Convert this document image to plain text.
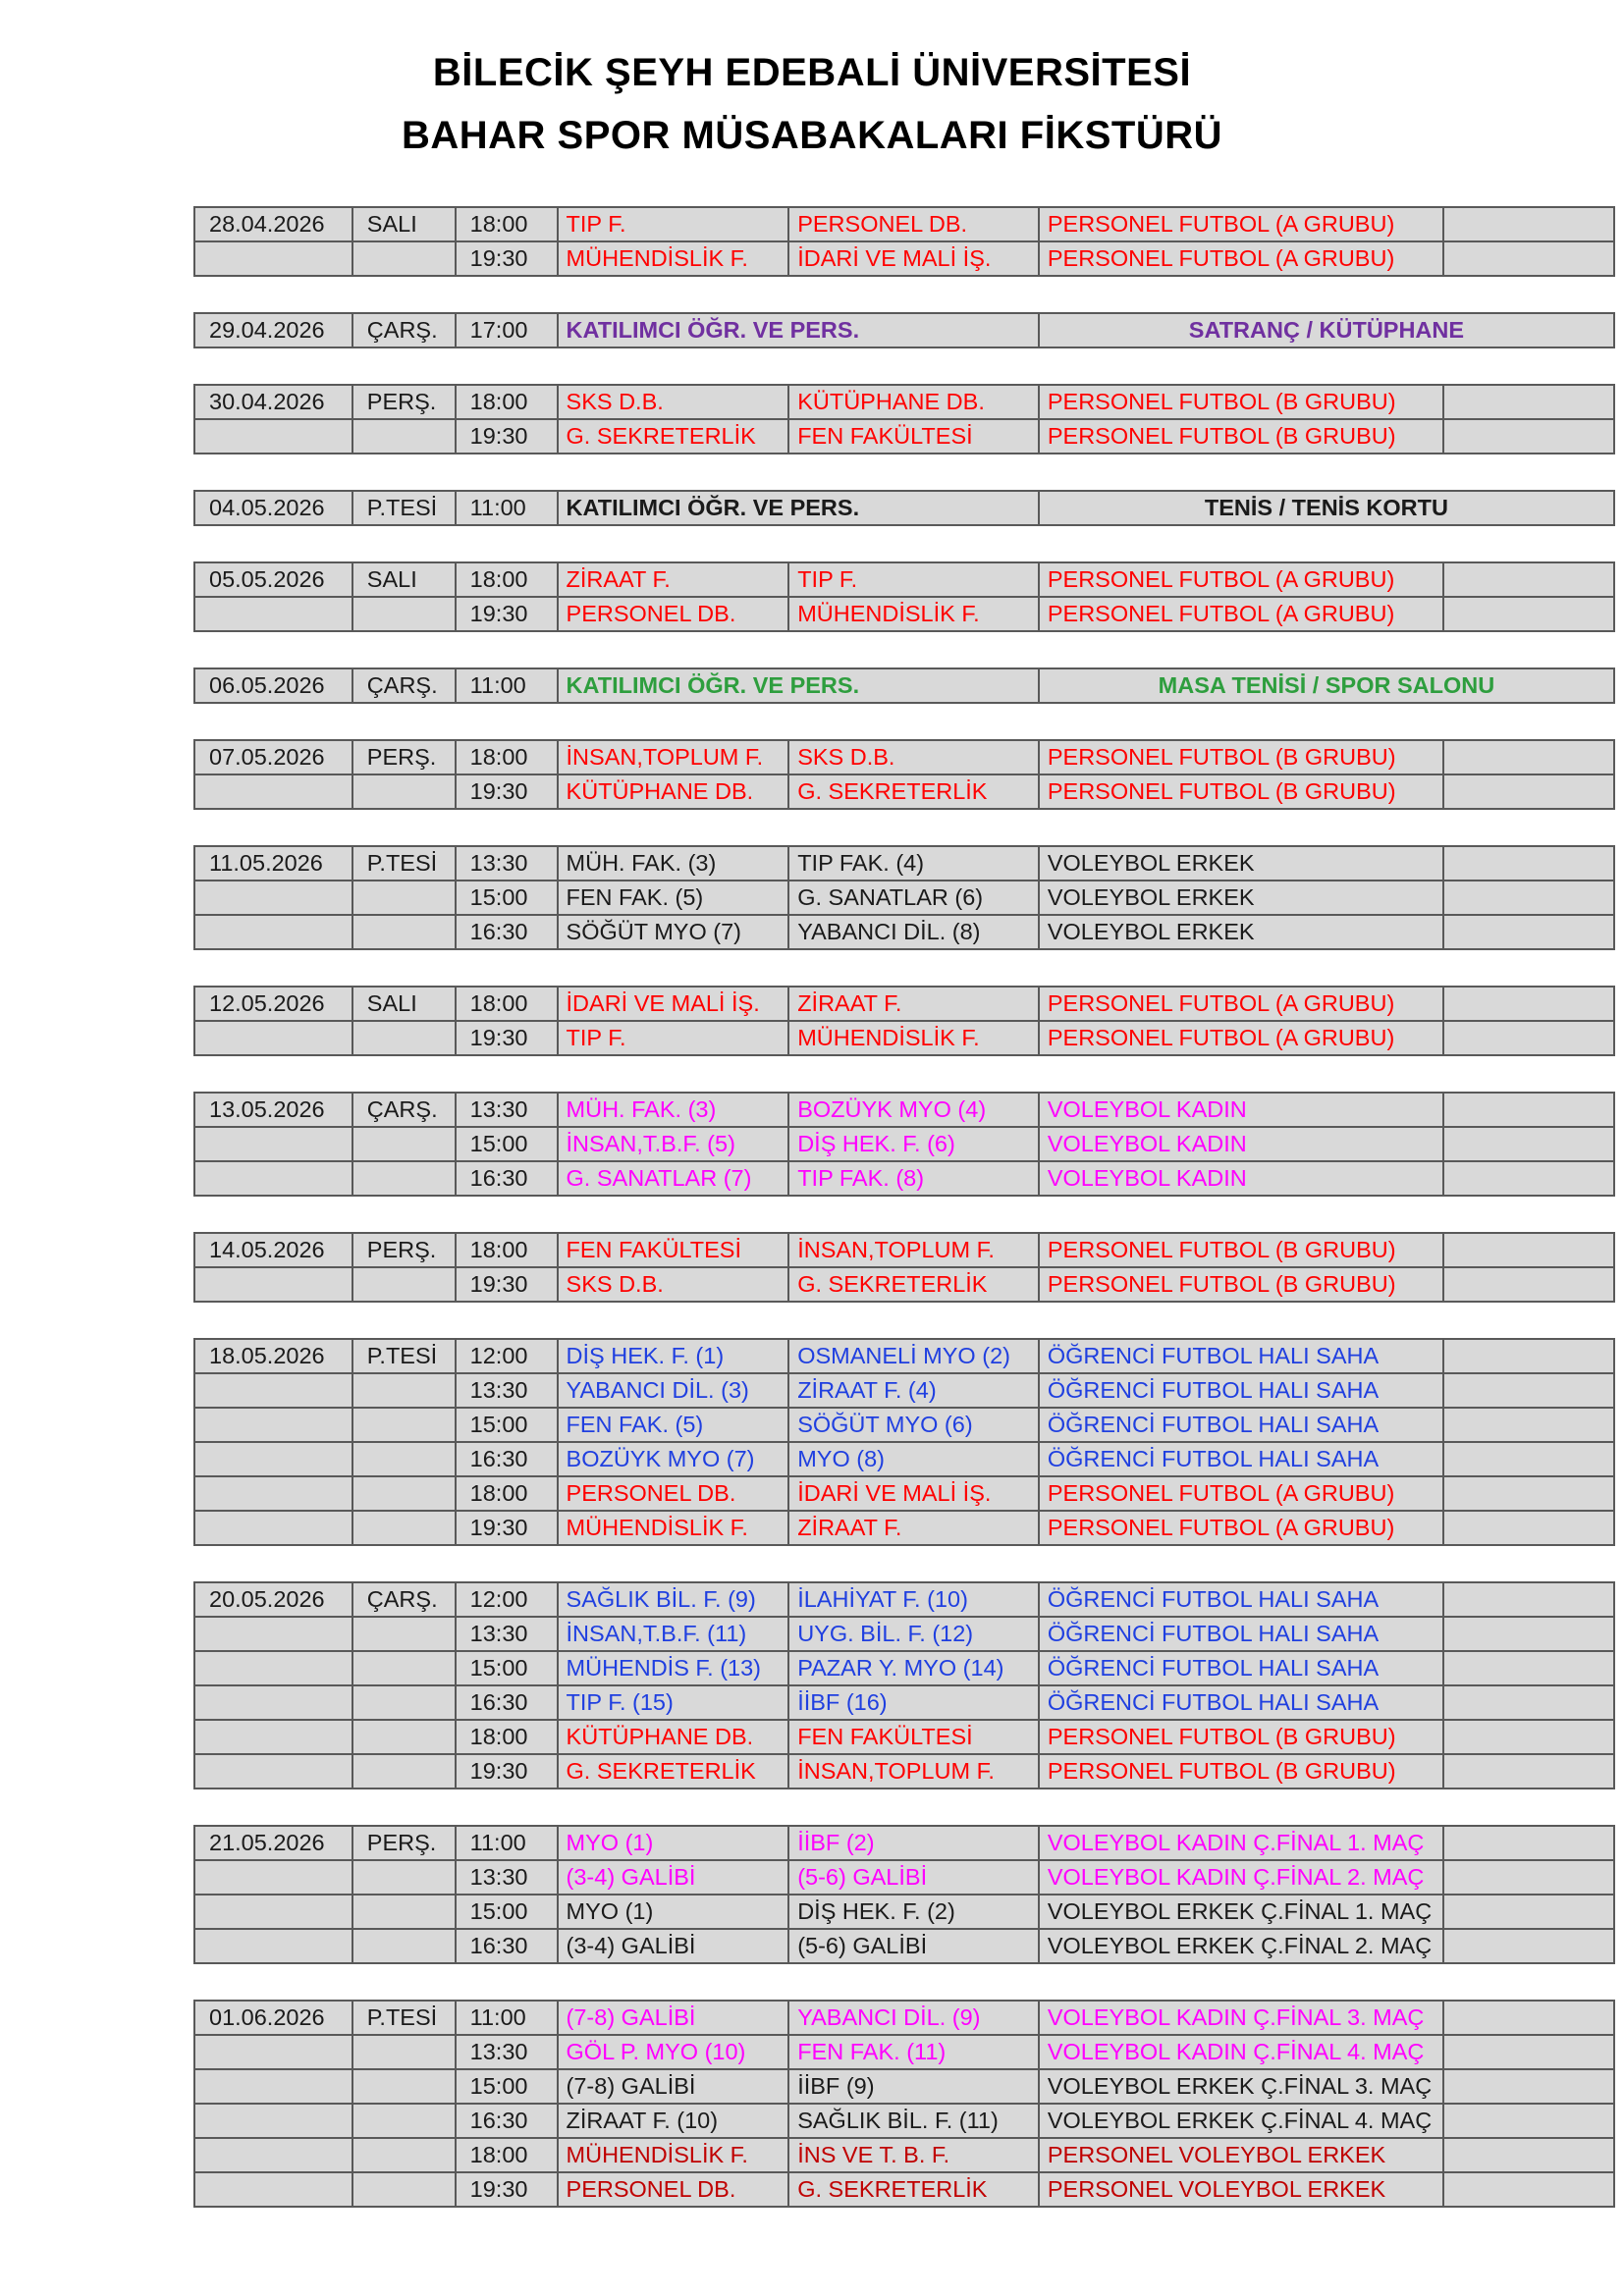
BİLECİK ŞEYH EDEBALİ ÜNİVERSİTESİ
BAHAR SPOR MÜSABAKALARI FİKSTÜRÜ
28.04.2026	SALI	18:00	TIP F.	PERSONEL DB.	PERSONEL FUTBOL (A GRUBU)
19:30	MÜHENDİSLİK F.	İDARİ VE MALİ İŞ.	PERSONEL FUTBOL (A GRUBU)
29.04.2026	ÇARŞ.	17:00	KATILIMCI ÖĞR. VE PERS.	SATRANÇ / KÜTÜPHANE
30.04.2026	PERŞ.	18:00	SKS D.B.	KÜTÜPHANE DB.	PERSONEL FUTBOL (B GRUBU)
19:30	G. SEKRETERLİK	FEN FAKÜLTESİ	PERSONEL FUTBOL (B GRUBU)
04.05.2026	P.TESİ	11:00	KATILIMCI ÖĞR. VE PERS.	TENİS / TENİS KORTU
05.05.2026	SALI	18:00	ZİRAAT F.	TIP F.	PERSONEL FUTBOL (A GRUBU)
19:30	PERSONEL DB.	MÜHENDİSLİK F.	PERSONEL FUTBOL (A GRUBU)
06.05.2026	ÇARŞ.	11:00	KATILIMCI ÖĞR. VE PERS.	MASA TENİSİ / SPOR SALONU
07.05.2026	PERŞ.	18:00	İNSAN,TOPLUM F.	SKS D.B.	PERSONEL FUTBOL (B GRUBU)
19:30	KÜTÜPHANE DB.	G. SEKRETERLİK	PERSONEL FUTBOL (B GRUBU)
11.05.2026	P.TESİ	13:30	MÜH. FAK. (3)	TIP FAK. (4)	VOLEYBOL ERKEK
15:00	FEN FAK. (5)	G. SANATLAR (6)	VOLEYBOL ERKEK
16:30	SÖĞÜT MYO (7)	YABANCI DİL. (8)	VOLEYBOL ERKEK
12.05.2026	SALI	18:00	İDARİ VE MALİ İŞ.	ZİRAAT F.	PERSONEL FUTBOL (A GRUBU)
19:30	TIP F.	MÜHENDİSLİK F.	PERSONEL FUTBOL (A GRUBU)
13.05.2026	ÇARŞ.	13:30	MÜH. FAK. (3)	BOZÜYK MYO (4)	VOLEYBOL KADIN
15:00	İNSAN,T.B.F. (5)	DİŞ HEK. F. (6)	VOLEYBOL KADIN
16:30	G. SANATLAR (7)	TIP FAK. (8)	VOLEYBOL KADIN
14.05.2026	PERŞ.	18:00	FEN FAKÜLTESİ	İNSAN,TOPLUM F.	PERSONEL FUTBOL (B GRUBU)
19:30	SKS D.B.	G. SEKRETERLİK	PERSONEL FUTBOL (B GRUBU)
18.05.2026	P.TESİ	12:00	DİŞ HEK. F. (1)	OSMANELİ MYO (2)	ÖĞRENCİ FUTBOL HALI SAHA
13:30	YABANCI DİL. (3)	ZİRAAT F. (4)	ÖĞRENCİ FUTBOL HALI SAHA
15:00	FEN FAK. (5)	SÖĞÜT MYO (6)	ÖĞRENCİ FUTBOL HALI SAHA
16:30	BOZÜYK MYO (7)	MYO (8)	ÖĞRENCİ FUTBOL HALI SAHA
18:00	PERSONEL DB.	İDARİ VE MALİ İŞ.	PERSONEL FUTBOL (A GRUBU)
19:30	MÜHENDİSLİK F.	ZİRAAT F.	PERSONEL FUTBOL (A GRUBU)
20.05.2026	ÇARŞ.	12:00	SAĞLIK BİL. F. (9)	İLAHİYAT F. (10)	ÖĞRENCİ FUTBOL HALI SAHA
13:30	İNSAN,T.B.F. (11)	UYG. BİL. F. (12)	ÖĞRENCİ FUTBOL HALI SAHA
15:00	MÜHENDİS F. (13)	PAZAR Y. MYO (14)	ÖĞRENCİ FUTBOL HALI SAHA
16:30	TIP F. (15)	İİBF (16)	ÖĞRENCİ FUTBOL HALI SAHA
18:00	KÜTÜPHANE DB.	FEN FAKÜLTESİ	PERSONEL FUTBOL (B GRUBU)
19:30	G. SEKRETERLİK	İNSAN,TOPLUM F.	PERSONEL FUTBOL (B GRUBU)
21.05.2026	PERŞ.	11:00	MYO (1)	İİBF (2)	VOLEYBOL KADIN Ç.FİNAL 1. MAÇ
13:30	(3-4) GALİBİ	(5-6) GALİBİ	VOLEYBOL KADIN Ç.FİNAL 2. MAÇ
15:00	MYO (1)	DİŞ HEK. F. (2)	VOLEYBOL ERKEK Ç.FİNAL 1. MAÇ
16:30	(3-4) GALİBİ	(5-6) GALİBİ	VOLEYBOL ERKEK Ç.FİNAL 2. MAÇ
01.06.2026	P.TESİ	11:00	(7-8) GALİBİ	YABANCI DİL. (9)	VOLEYBOL KADIN Ç.FİNAL 3. MAÇ
13:30	GÖL P. MYO (10)	FEN FAK. (11)	VOLEYBOL KADIN Ç.FİNAL 4. MAÇ
15:00	(7-8) GALİBİ	İİBF (9)	VOLEYBOL ERKEK Ç.FİNAL 3. MAÇ
16:30	ZİRAAT F. (10)	SAĞLIK BİL. F. (11)	VOLEYBOL ERKEK Ç.FİNAL 4. MAÇ
18:00	MÜHENDİSLİK F.	İNS VE T. B. F.	PERSONEL VOLEYBOL ERKEK
19:30	PERSONEL DB.	G. SEKRETERLİK	PERSONEL VOLEYBOL ERKEK
